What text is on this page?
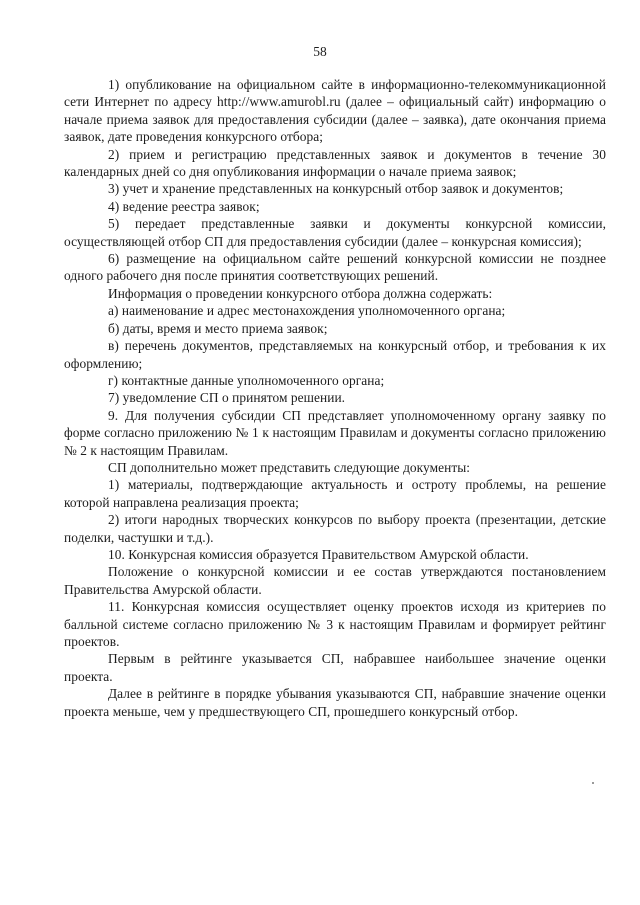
58

1) опубликование на официальном сайте в информационно-телекоммуникационной сети Интернет по адресу http://www.amurobl.ru (далее – официальный сайт) информацию о начале приема заявок для предоставления субсидии (далее – заявка), дате окончания приема заявок, дате проведения конкурсного отбора;

2) прием и регистрацию представленных заявок и документов в течение 30 календарных дней со дня опубликования информации о начале приема заявок;

3) учет и хранение представленных на конкурсный отбор заявок и документов;

4) ведение реестра заявок;

5) передает представленные заявки и документы конкурсной комиссии, осуществляющей отбор СП для предоставления субсидии (далее – конкурсная комиссия);

6) размещение на официальном сайте решений конкурсной комиссии не позднее одного рабочего дня после принятия соответствующих решений.

Информация о проведении конкурсного отбора должна содержать:

а) наименование и адрес местонахождения уполномоченного органа;

б) даты, время и место приема заявок;

в) перечень документов, представляемых на конкурсный отбор, и требования к их оформлению;

г) контактные данные уполномоченного органа;

7) уведомление СП о принятом решении.

9. Для получения субсидии СП представляет уполномоченному органу заявку по форме согласно приложению № 1 к настоящим Правилам и документы согласно приложению № 2 к настоящим Правилам.

СП дополнительно может представить следующие документы:

1) материалы, подтверждающие актуальность и остроту проблемы, на решение которой направлена реализация проекта;

2) итоги народных творческих конкурсов по выбору проекта (презентации, детские поделки, частушки и т.д.).

10. Конкурсная комиссия образуется Правительством Амурской области.

Положение о конкурсной комиссии и ее состав утверждаются постановлением Правительства Амурской области.

11. Конкурсная комиссия осуществляет оценку проектов исходя из критериев по балльной системе согласно приложению № 3 к настоящим Правилам и формирует рейтинг проектов.

Первым в рейтинге указывается СП, набравшее наибольшее значение оценки проекта.

Далее в рейтинге в порядке убывания указываются СП, набравшие значение оценки проекта меньше, чем у предшествующего СП, прошедшего конкурсный отбор.
